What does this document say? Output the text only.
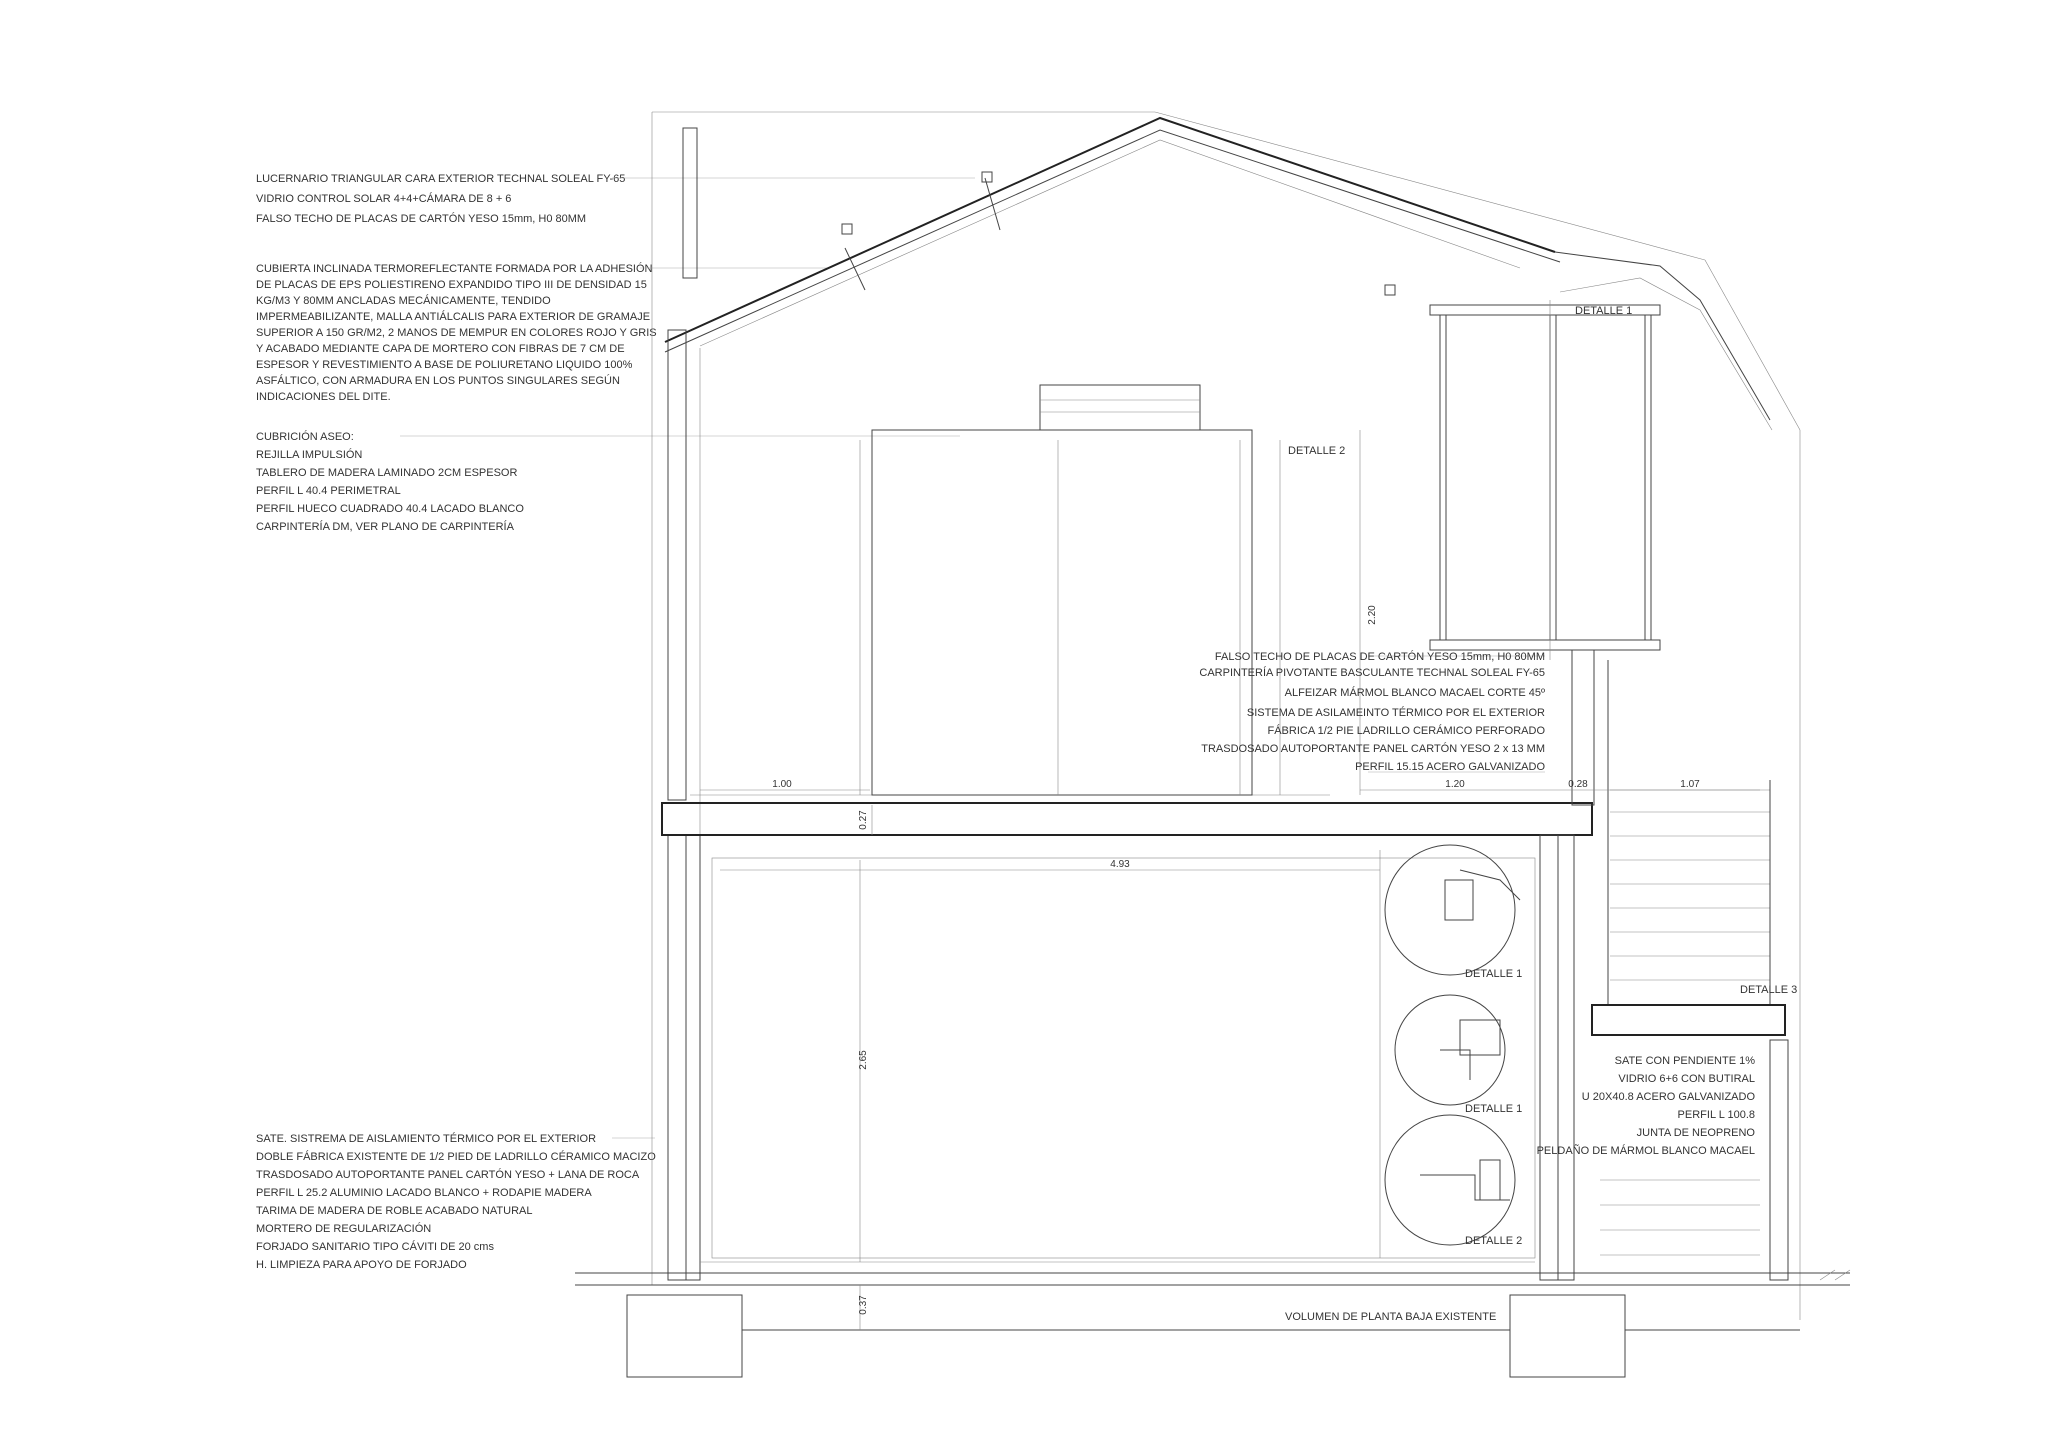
LUCERNARIO TRIANGULAR CARA EXTERIOR TECHNAL SOLEAL FY-65
VIDRIO CONTROL SOLAR 4+4+CÁMARA DE 8 + 6
FALSO TECHO DE PLACAS DE CARTÓN YESO 15mm, H0 80MM
CUBIERTA INCLINADA TERMOREFLECTANTE FORMADA POR LA ADHESIÓN
DE PLACAS DE EPS POLIESTIRENO EXPANDIDO TIPO III DE DENSIDAD 15
KG/M3 Y 80MM ANCLADAS MECÁNICAMENTE, TENDIDO
IMPERMEABILIZANTE, MALLA ANTIÁLCALIS PARA EXTERIOR DE GRAMAJE
SUPERIOR A 150 GR/M2, 2 MANOS DE MEMPUR EN COLORES ROJO Y GRIS
Y ACABADO MEDIANTE CAPA DE MORTERO CON FIBRAS DE 7 CM DE
ESPESOR Y REVESTIMIENTO A BASE DE POLIURETANO LIQUIDO 100%
ASFÁLTICO, CON ARMADURA EN LOS PUNTOS SINGULARES SEGÚN
INDICACIONES DEL DITE.
CUBRICIÓN ASEO:
REJILLA IMPULSIÓN
TABLERO DE MADERA LAMINADO 2CM ESPESOR
PERFIL L 40.4 PERIMETRAL
PERFIL HUECO CUADRADO 40.4 LACADO BLANCO
CARPINTERÍA DM, VER PLANO DE CARPINTERÍA
SATE. SISTREMA DE AISLAMIENTO TÉRMICO POR EL EXTERIOR
DOBLE FÁBRICA EXISTENTE DE 1/2 PIED DE LADRILLO CÉRAMICO MACIZO
TRASDOSADO AUTOPORTANTE PANEL CARTÓN YESO + LANA DE ROCA
PERFIL L 25.2 ALUMINIO LACADO BLANCO + RODAPIE MADERA
TARIMA DE MADERA DE ROBLE ACABADO NATURAL
MORTERO DE REGULARIZACIÓN
FORJADO SANITARIO TIPO CÁVITI DE 20 cms
H. LIMPIEZA PARA APOYO DE FORJADO
1.00	1.20	0.28	1.07
4.93
0.27
2.65
2.20
0.37
FALSO TECHO DE PLACAS DE CARTÓN YESO 15mm, H0 80MM
CARPINTERÍA PIVOTANTE BASCULANTE TECHNAL SOLEAL FY-65
ALFEIZAR MÁRMOL BLANCO MACAEL CORTE 45º
SISTEMA DE ASILAMEINTO TÉRMICO POR EL EXTERIOR
FÁBRICA 1/2 PIE LADRILLO CERÁMICO PERFORADO
TRASDOSADO AUTOPORTANTE PANEL CARTÓN YESO 2 x 13 MM
PERFIL 15.15 ACERO GALVANIZADO
SATE CON PENDIENTE 1%
VIDRIO 6+6 CON BUTIRAL
U 20X40.8 ACERO GALVANIZADO
PERFIL L 100.8
JUNTA DE NEOPRENO
PELDAÑO DE MÁRMOL BLANCO MACAEL
DETALLE 1
DETALLE 2
DETALLE 3
DETALLE 1
DETALLE 1
DETALLE 2
VOLUMEN DE PLANTA BAJA EXISTENTE
